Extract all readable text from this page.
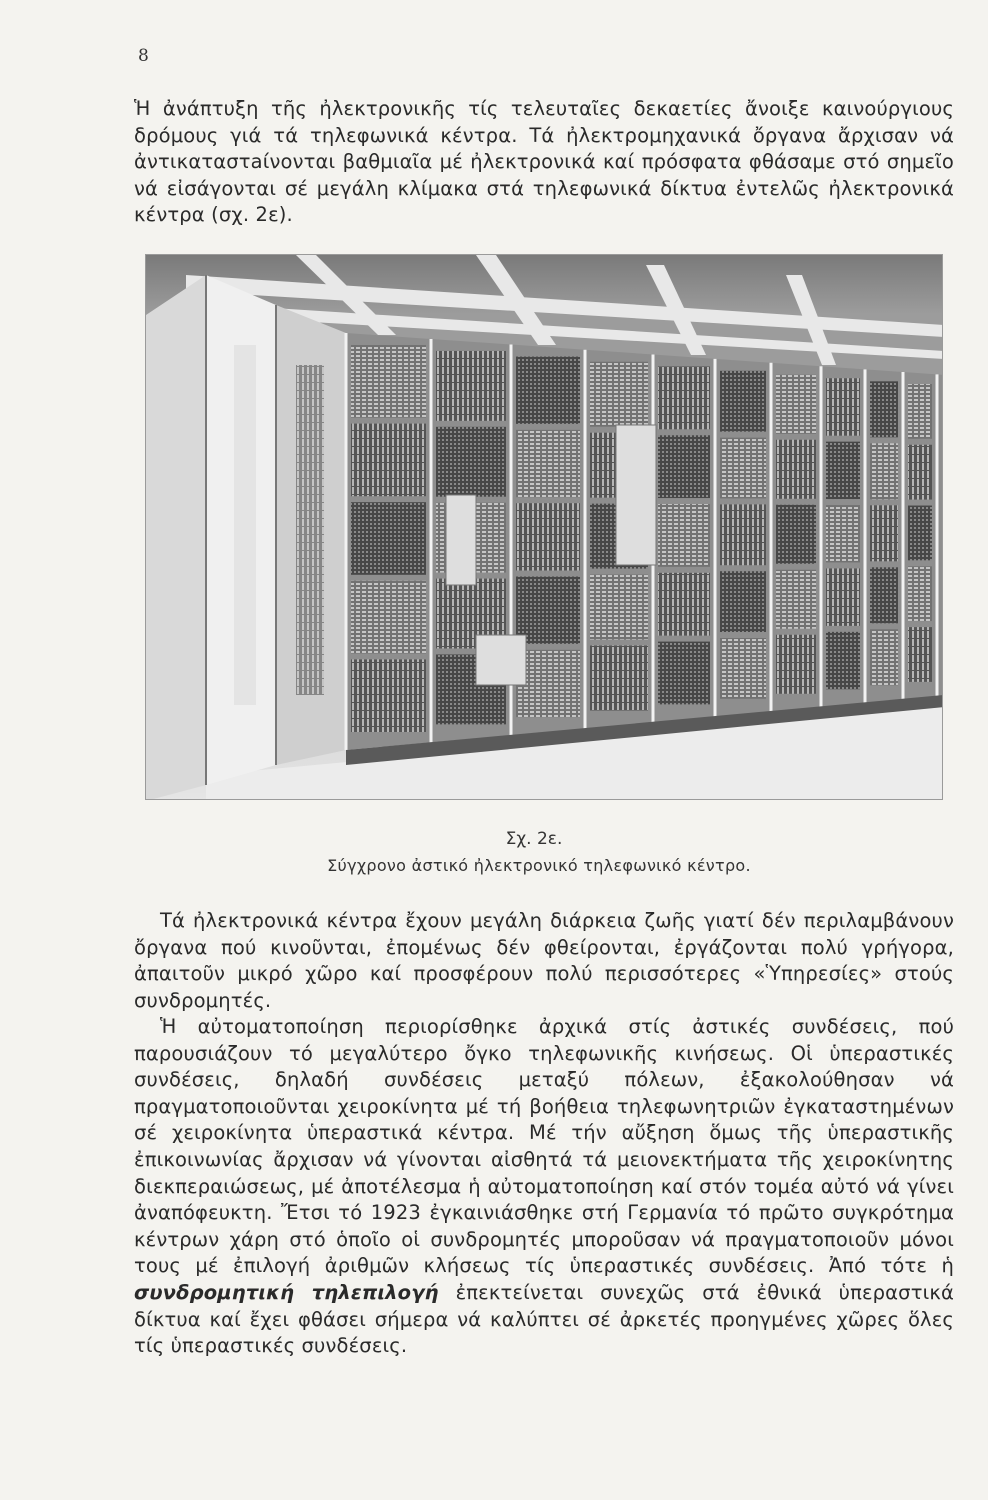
8

Ἡ ἀνάπτυξη τῆς ἠλεκτρονικῆς τίς τελευταῖες δεκαετίες ἄνοιξε καινούργιους δρόμους γιά τά τηλεφωνικά κέντρα. Τά ἠλεκτρομηχανικά ὄργανα ἄρχισαν νά ἀντικαταστaίνονται βαθμιαῖα μέ ἠλεκτρονικά καί πρόσφατα φθάσαμε στό σημεῖο νά εἰσάγονται σέ μεγάλη κλίμακα στά τηλεφωνικά δίκτυα ἐντελῶς ἠλεκτρονικά κέντρα (σχ. 2ε).

Σχ. 2ε.
Σύγχρονο ἀστικό ἠλεκτρονικό τηλεφωνικό κέντρο.

Τά ἠλεκτρονικά κέντρα ἔχουν μεγάλη διάρκεια ζωῆς γιατί δέν περιλαμβάνουν ὄργανα πού κινοῦνται, ἐπομένως δέν φθείρονται, ἐργάζονται πολύ γρήγορα, ἀπαιτοῦν μικρό χῶρο καί προσφέρουν πολύ περισσότερες «Ὑπηρεσίες» στούς συνδρομητές.

Ἡ αὐτοματοποίηση περιορίσθηκε ἀρχικά στίς ἀστικές συνδέσεις, πού παρουσιάζουν τό μεγαλύτερο ὄγκο τηλεφωνικῆς κινήσεως. Οἱ ὑπεραστικές συνδέσεις, δηλαδή συνδέσεις μεταξύ πόλεων, ἐξακολούθησαν νά πραγματοποιοῦνται χειροκίνητα μέ τή βοήθεια τηλεφωνητριῶν ἐγκαταστημένων σέ χειροκίνητα ὑπεραστικά κέντρα. Μέ τήν αὔξηση ὅμως τῆς ὑπεραστικῆς ἐπικοινωνίας ἄρχισαν νά γίνονται αἰσθητά τά μειονεκτήματα τῆς χειροκίνητης διεκπεραιώσεως, μέ ἀποτέλεσμα ἡ αὐτοματοποίηση καί στόν τομέα αὐτό νά γίνει ἀναπόφευκτη. Ἔτσι τό 1923 ἐγκαινιάσθηκε στή Γερμανία τό πρῶτο συγκρότημα κέντρων χάρη στό ὁποῖο οἱ συνδρομητές μποροῦσαν νά πραγματοποιοῦν μόνοι τους μέ ἐπιλογή ἀριθμῶν κλήσεως τίς ὑπεραστικές συνδέσεις. Ἀπό τότε ἡ συνδρομητική τηλεπιλογή ἐπεκτείνεται συνεχῶς στά ἐθνικά ὑπεραστικά δίκτυα καί ἔχει φθάσει σήμερα νά καλύπτει σέ ἀρκετές προηγμένες χῶρες ὅλες τίς ὑπεραστικές συνδέσεις.
